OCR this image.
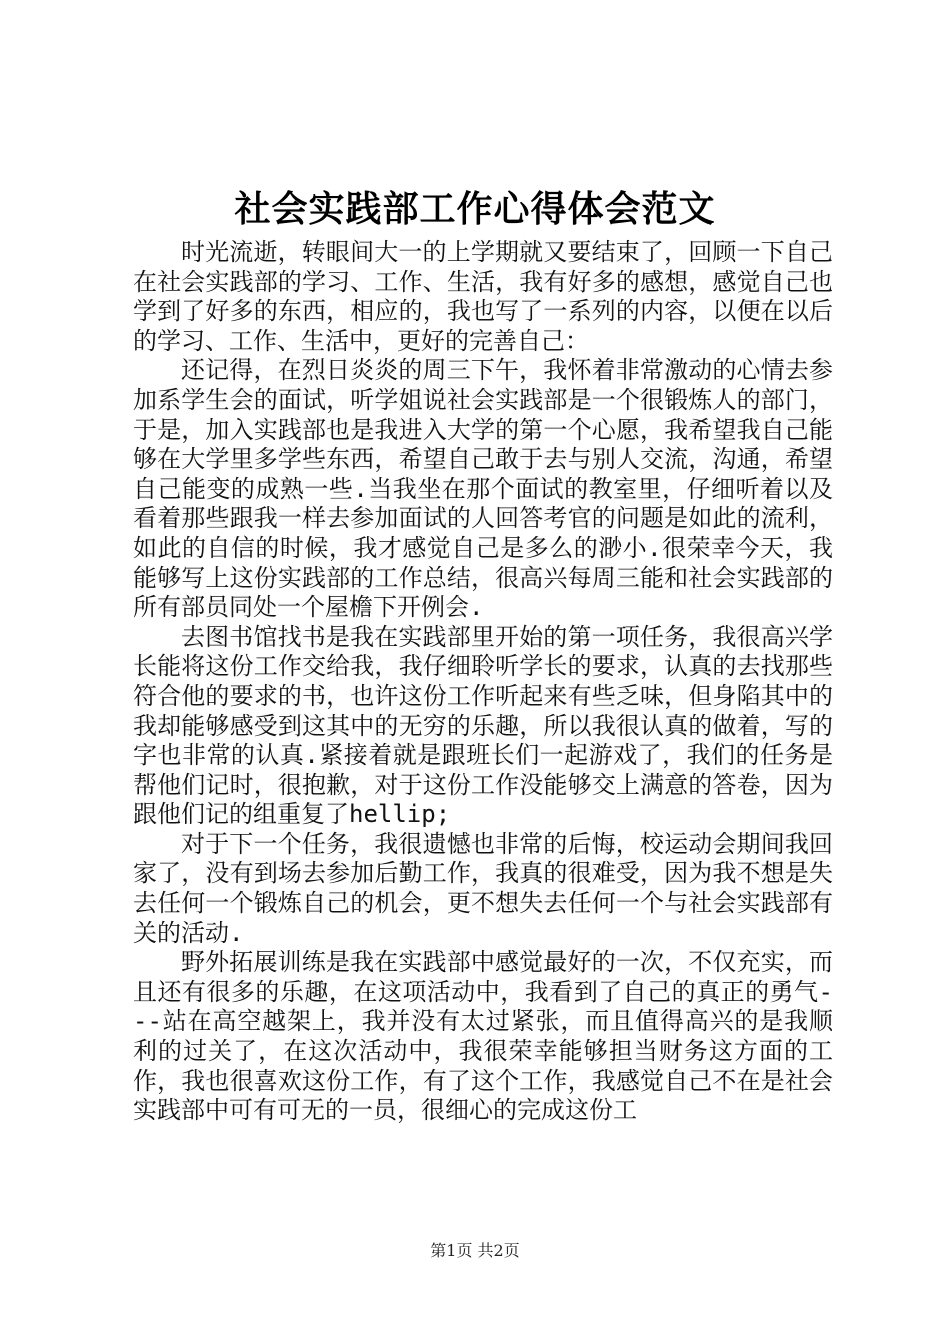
社会实践部工作心得体会范文

时光流逝，转眼间大一的上学期就又要结束了，回顾一下自己在社会实践部的学习、工作、生活，我有好多的感想，感觉自己也学到了好多的东西，相应的，我也写了一系列的内容，以便在以后的学习、工作、生活中，更好的完善自己：

还记得，在烈日炎炎的周三下午，我怀着非常激动的心情去参加系学生会的面试，听学姐说社会实践部是一个很锻炼人的部门，于是，加入实践部也是我进入大学的第一个心愿，我希望我自己能够在大学里多学些东西，希望自己敢于去与别人交流，沟通，希望自己能变的成熟一些.当我坐在那个面试的教室里，仔细听着以及看着那些跟我一样去参加面试的人回答考官的问题是如此的流利，如此的自信的时候，我才感觉自己是多么的渺小.很荣幸今天，我能够写上这份实践部的工作总结，很高兴每周三能和社会实践部的所有部员同处一个屋檐下开例会.

去图书馆找书是我在实践部里开始的第一项任务，我很高兴学长能将这份工作交给我，我仔细聆听学长的要求，认真的去找那些符合他的要求的书，也许这份工作听起来有些乏味，但身陷其中的我却能够感受到这其中的无穷的乐趣，所以我很认真的做着，写的字也非常的认真.紧接着就是跟班长们一起游戏了，我们的任务是帮他们记时，很抱歉，对于这份工作没能够交上满意的答卷，因为跟他们记的组重复了hellip;

对于下一个任务，我很遗憾也非常的后悔，校运动会期间我回家了，没有到场去参加后勤工作，我真的很难受，因为我不想是失去任何一个锻炼自己的机会，更不想失去任何一个与社会实践部有关的活动.

野外拓展训练是我在实践部中感觉最好的一次，不仅充实，而且还有很多的乐趣，在这项活动中，我看到了自己的真正的勇气---站在高空越架上，我并没有太过紧张，而且值得高兴的是我顺利的过关了，在这次活动中，我很荣幸能够担当财务这方面的工作，我也很喜欢这份工作，有了这个工作，我感觉自己不在是社会实践部中可有可无的一员，很细心的完成这份工

第1页 共2页
